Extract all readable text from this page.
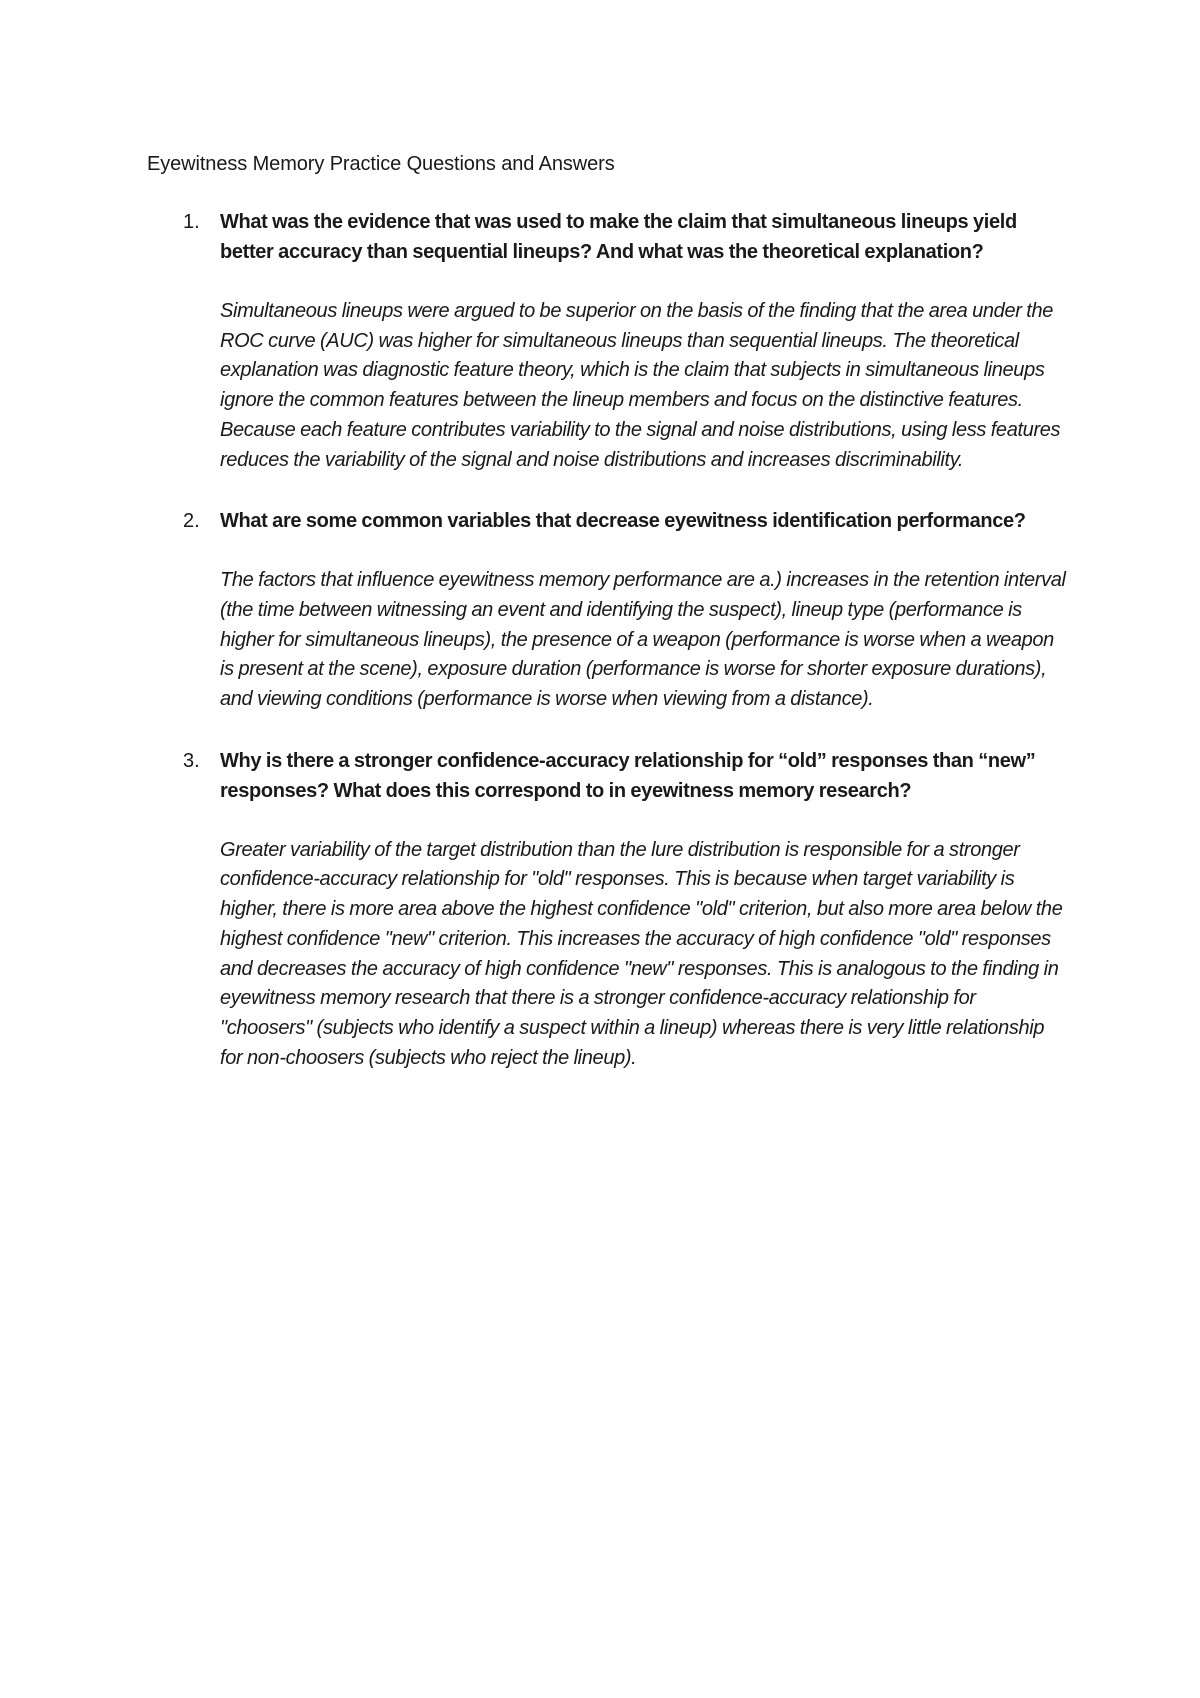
Eyewitness Memory Practice Questions and Answers
1. What was the evidence that was used to make the claim that simultaneous lineups yield better accuracy than sequential lineups? And what was the theoretical explanation?

Simultaneous lineups were argued to be superior on the basis of the finding that the area under the ROC curve (AUC) was higher for simultaneous lineups than sequential lineups. The theoretical explanation was diagnostic feature theory, which is the claim that subjects in simultaneous lineups ignore the common features between the lineup members and focus on the distinctive features. Because each feature contributes variability to the signal and noise distributions, using less features reduces the variability of the signal and noise distributions and increases discriminability.

2. What are some common variables that decrease eyewitness identification performance?

The factors that influence eyewitness memory performance are a.) increases in the retention interval (the time between witnessing an event and identifying the suspect), lineup type (performance is higher for simultaneous lineups), the presence of a weapon (performance is worse when a weapon is present at the scene), exposure duration (performance is worse for shorter exposure durations), and viewing conditions (performance is worse when viewing from a distance).

3. Why is there a stronger confidence-accuracy relationship for “old” responses than “new” responses? What does this correspond to in eyewitness memory research?

Greater variability of the target distribution than the lure distribution is responsible for a stronger confidence-accuracy relationship for "old" responses. This is because when target variability is higher, there is more area above the highest confidence "old" criterion, but also more area below the highest confidence "new" criterion. This increases the accuracy of high confidence "old" responses and decreases the accuracy of high confidence "new" responses. This is analogous to the finding in eyewitness memory research that there is a stronger confidence-accuracy relationship for "choosers" (subjects who identify a suspect within a lineup) whereas there is very little relationship for non-choosers (subjects who reject the lineup).
